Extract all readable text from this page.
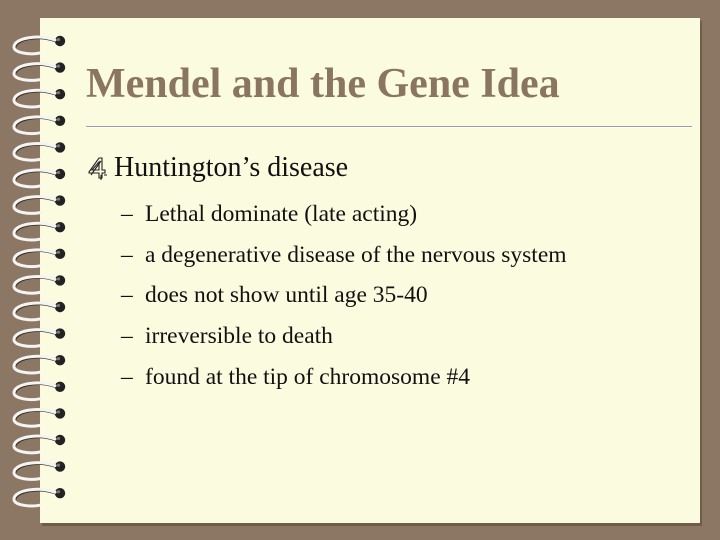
Mendel and the Gene Idea
Huntington’s disease
– Lethal dominate (late acting)
– a degenerative disease of the nervous system
– does not show until age 35-40
– irreversible to death
– found at the tip of chromosome #4
